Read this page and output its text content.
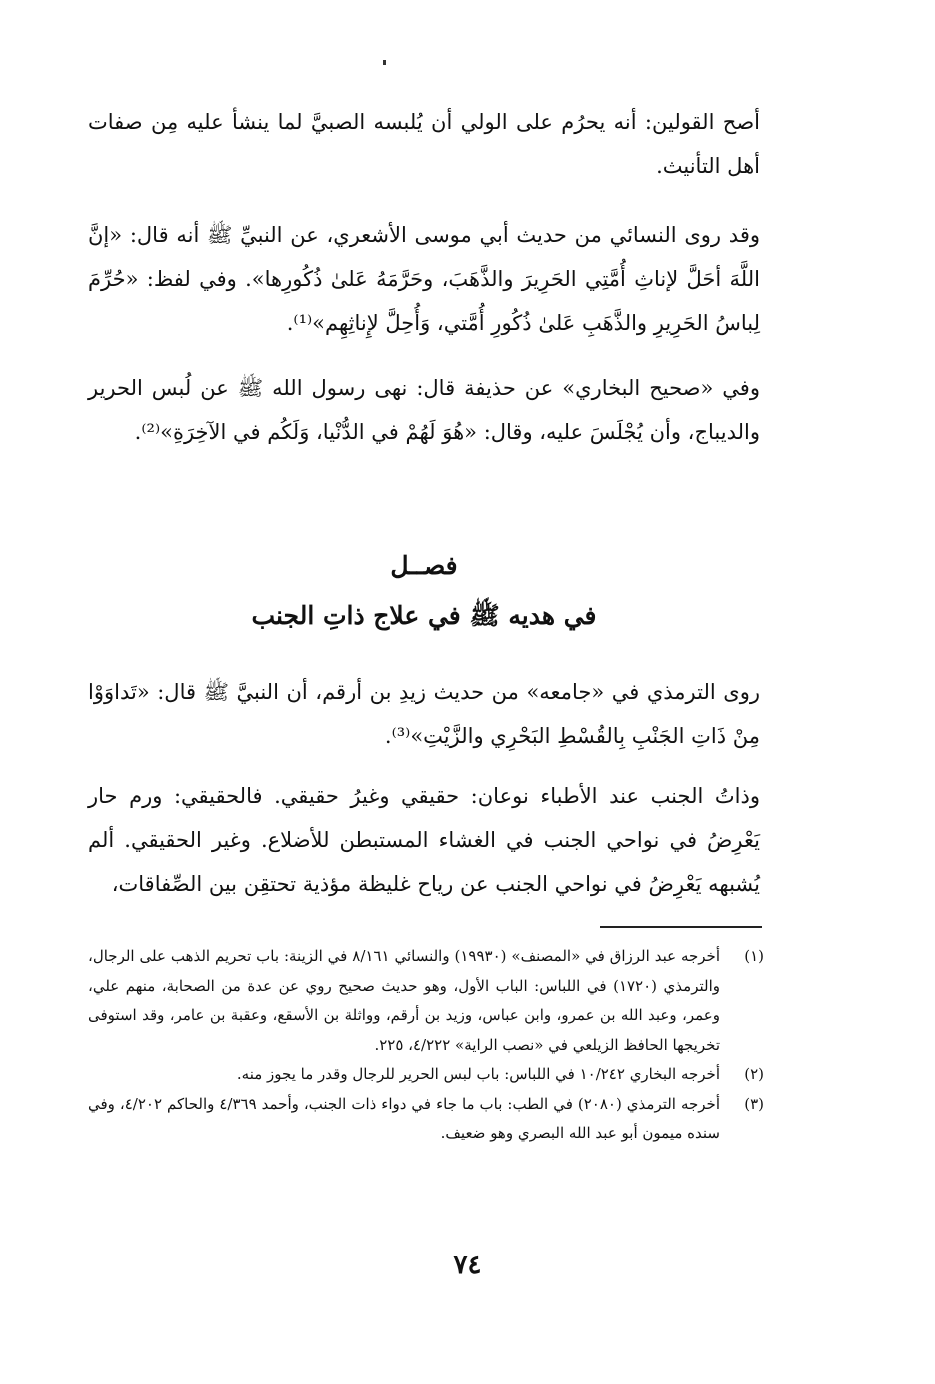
أصح القولين: أنه يحرُم على الولي أن يُلبسه الصبيَّ لما ينشأ عليه مِن صفات أهل التأنيث.
وقد روى النسائي من حديث أبي موسى الأشعري، عن النبيِّ ﷺ أنه قال: «إنَّ اللَّهَ أحَلَّ لإناثِ أُمَّتِي الحَرِيرَ والذَّهَبَ، وحَرَّمَهُ عَلىٰ ذُكُورِها». وفي لفظ: «حُرِّمَ لِباسُ الحَرِيرِ والذَّهَبِ عَلىٰ ذُكُورِ أُمَّتي، وَأُحِلَّ لإِناثِهِم»⁽¹⁾.
وفي «صحيح البخاري» عن حذيفة قال: نهى رسول الله ﷺ عن لُبس الحرير والديباج، وأن يُجْلَسَ عليه، وقال: «هُوَ لَهُمْ في الدُّنْيا، وَلَكُم في الآخِرَةِ»⁽²⁾.
فصــل
في هديه ﷺ في علاج ذاتِ الجنب
روى الترمذي في «جامعه» من حديث زيدِ بن أرقم، أن النبيَّ ﷺ قال: «تَداوَوْا مِنْ ذَاتِ الجَنْبِ بِالقُسْطِ البَحْرِي والزَّيْتِ»⁽³⁾.
وذاتُ الجنب عند الأطباء نوعان: حقيقي وغيرُ حقيقي. فالحقيقي: ورم حار يَعْرِضُ في نواحي الجنب في الغشاء المستبطن للأضلاع. وغير الحقيقي. ألم يُشبهه يَعْرِضُ في نواحي الجنب عن رياح غليظة مؤذية تحتقِن بين الصِّفاقات،
(١)
أخرجه عبد الرزاق في «المصنف» (١٩٩٣٠) والنسائي ٨/١٦١ في الزينة: باب تحريم الذهب على الرجال، والترمذي (١٧٢٠) في اللباس: الباب الأول، وهو حديث صحيح روي عن عدة من الصحابة، منهم علي، وعمر، وعبد الله بن عمرو، وابن عباس، وزيد بن أرقم، وواثلة بن الأسقع، وعقبة بن عامر، وقد استوفى تخريجها الحافظ الزيلعي في «نصب الراية» ٤/٢٢٢، ٢٢٥.
(٢)
أخرجه البخاري ١٠/٢٤٢ في اللباس: باب لبس الحرير للرجال وقدر ما يجوز منه.
(٣)
أخرجه الترمذي (٢٠٨٠) في الطب: باب ما جاء في دواء ذات الجنب، وأحمد ٤/٣٦٩ والحاكم ٤/٢٠٢، وفي سنده ميمون أبو عبد الله البصري وهو ضعيف.
٧٤
